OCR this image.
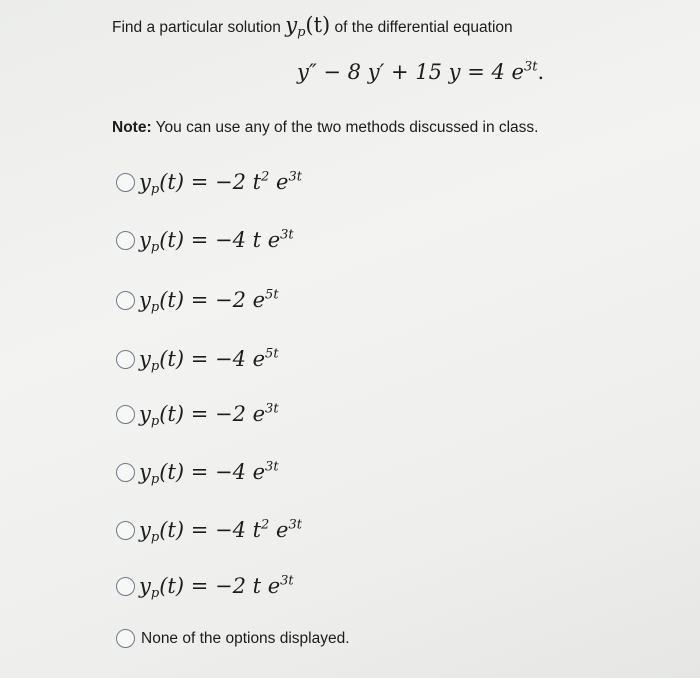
Find a particular solution $y_p(t)$ of the differential equation
y″ − 8 y′ + 15 y = 4 $e^{3t}$.
Note: You can use any of the two methods discussed in class.
$y_p(t) = -2$ $t^2$ $e^{3t}$
$y_p(t) = -4$ t $e^{3t}$
$y_p(t) = -2$ $e^{5t}$
$y_p(t) = -4$ $e^{5t}$
$y_p(t) = -2$ $e^{3t}$
$y_p(t) = -4$ $e^{3t}$
$y_p(t) = -4$ $t^2$ $e^{3t}$
$y_p(t) = -2$ t $e^{3t}$
None of the options displayed.
